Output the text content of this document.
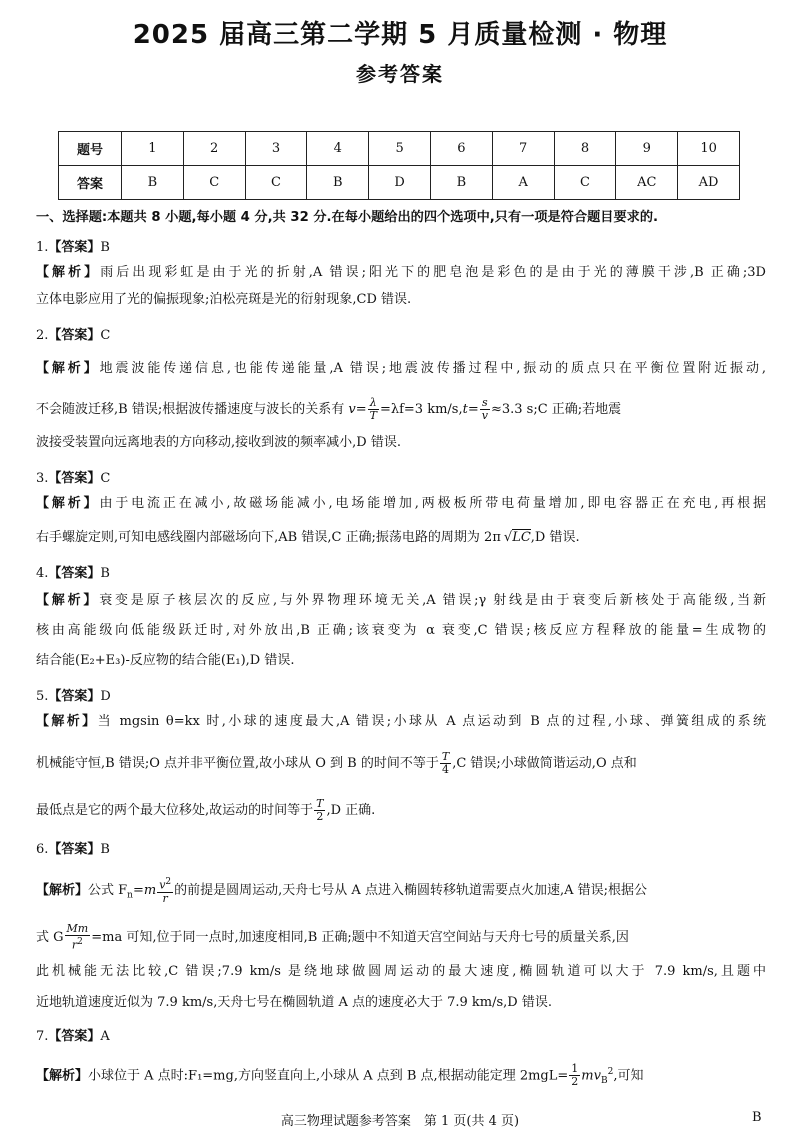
2025 届高三第二学期 5 月质量检测 · 物理
参考答案
题号	1	2	3	4	5	6	7	8	9	10
答案	B	C	C	B	D	B	A	C	AC	AD
一、选择题:本题共 8 小题,每小题 4 分,共 32 分.在每小题给出的四个选项中,只有一项是符合题目要求的.
1.【答案】B
【解析】雨后出现彩虹是由于光的折射,A 错误;阳光下的肥皂泡是彩色的是由于光的薄膜干涉,B 正确;3D
立体电影应用了光的偏振现象;泊松亮斑是光的衍射现象,CD 错误.
2.【答案】C
【解析】地震波能传递信息,也能传递能量,A 错误;地震波传播过程中,振动的质点只在平衡位置附近振动,
不会随波迁移,B 错误;根据波传播速度与波长的关系有 $v= \frac{\lambda}{T} =\lambda f=3$ $km/s,t= \frac{s}{v} \approx 3.3$ s;C 正确;若地震
波接受装置向远离地表的方向移动,接收到波的频率减小,D 错误.
3.【答案】C
【解析】由于电流正在减小,故磁场能减小,电场能增加,两极板所带电荷量增加,即电容器正在充电,再根据
右手螺旋定则,可知电感线圈内部磁场向下,AB 错误,C 正确;振荡电路的周期为 2π √LC,D 错误.
4.【答案】B
【解析】衰变是原子核层次的反应,与外界物理环境无关,A 错误;γ 射线是由于衰变后新核处于高能级,当新
核由高能级向低能级跃迁时,对外放出,B 正确;该衰变为 α 衰变,C 错误;核反应方程释放的能量=生成物的
结合能(E₂+E₃)-反应物的结合能(E₁),D 错误.
5.【答案】D
【解析】当 mgsin θ=kx 时,小球的速度最大,A 错误;小球从 A 点运动到 B 点的过程,小球、弹簧组成的系统
机械能守恒,B 错误;O 点并非平衡位置,故小球从 O 到 B 的时间不等于 $\frac{T}{4} ,C$ 错误;小球做简谐运动,O 点和
最低点是它的两个最大位移处,故运动的时间等于 $\frac{T}{2} ,D$ 正确.
6.【答案】B
【解析】公式 $F_n=m \frac{v^2}{r}$ 的前提是圆周运动,天舟七号从 A 点进入椭圆转移轨道需要点火加速,A 错误;根据公
式 G $\frac{Mm}{r^2} =ma$ 可知,位于同一点时,加速度相同,B 正确;题中不知道天宫空间站与天舟七号的质量关系,因
此机械能无法比较,C 错误;7.9 km/s 是绕地球做圆周运动的最大速度,椭圆轨道可以大于 7.9 km/s,且题中
近地轨道速度近似为 7.9 km/s,天舟七号在椭圆轨道 A 点的速度必大于 7.9 km/s,D 错误.
7.【答案】A
【解析】小球位于 A 点时:F₁=mg,方向竖直向上,小球从 A 点到 B 点,根据动能定理 $2mgL= \frac{1}{2} mv_B^2$,可知
高三物理试题参考答案　第 1 页(共 4 页)	B
